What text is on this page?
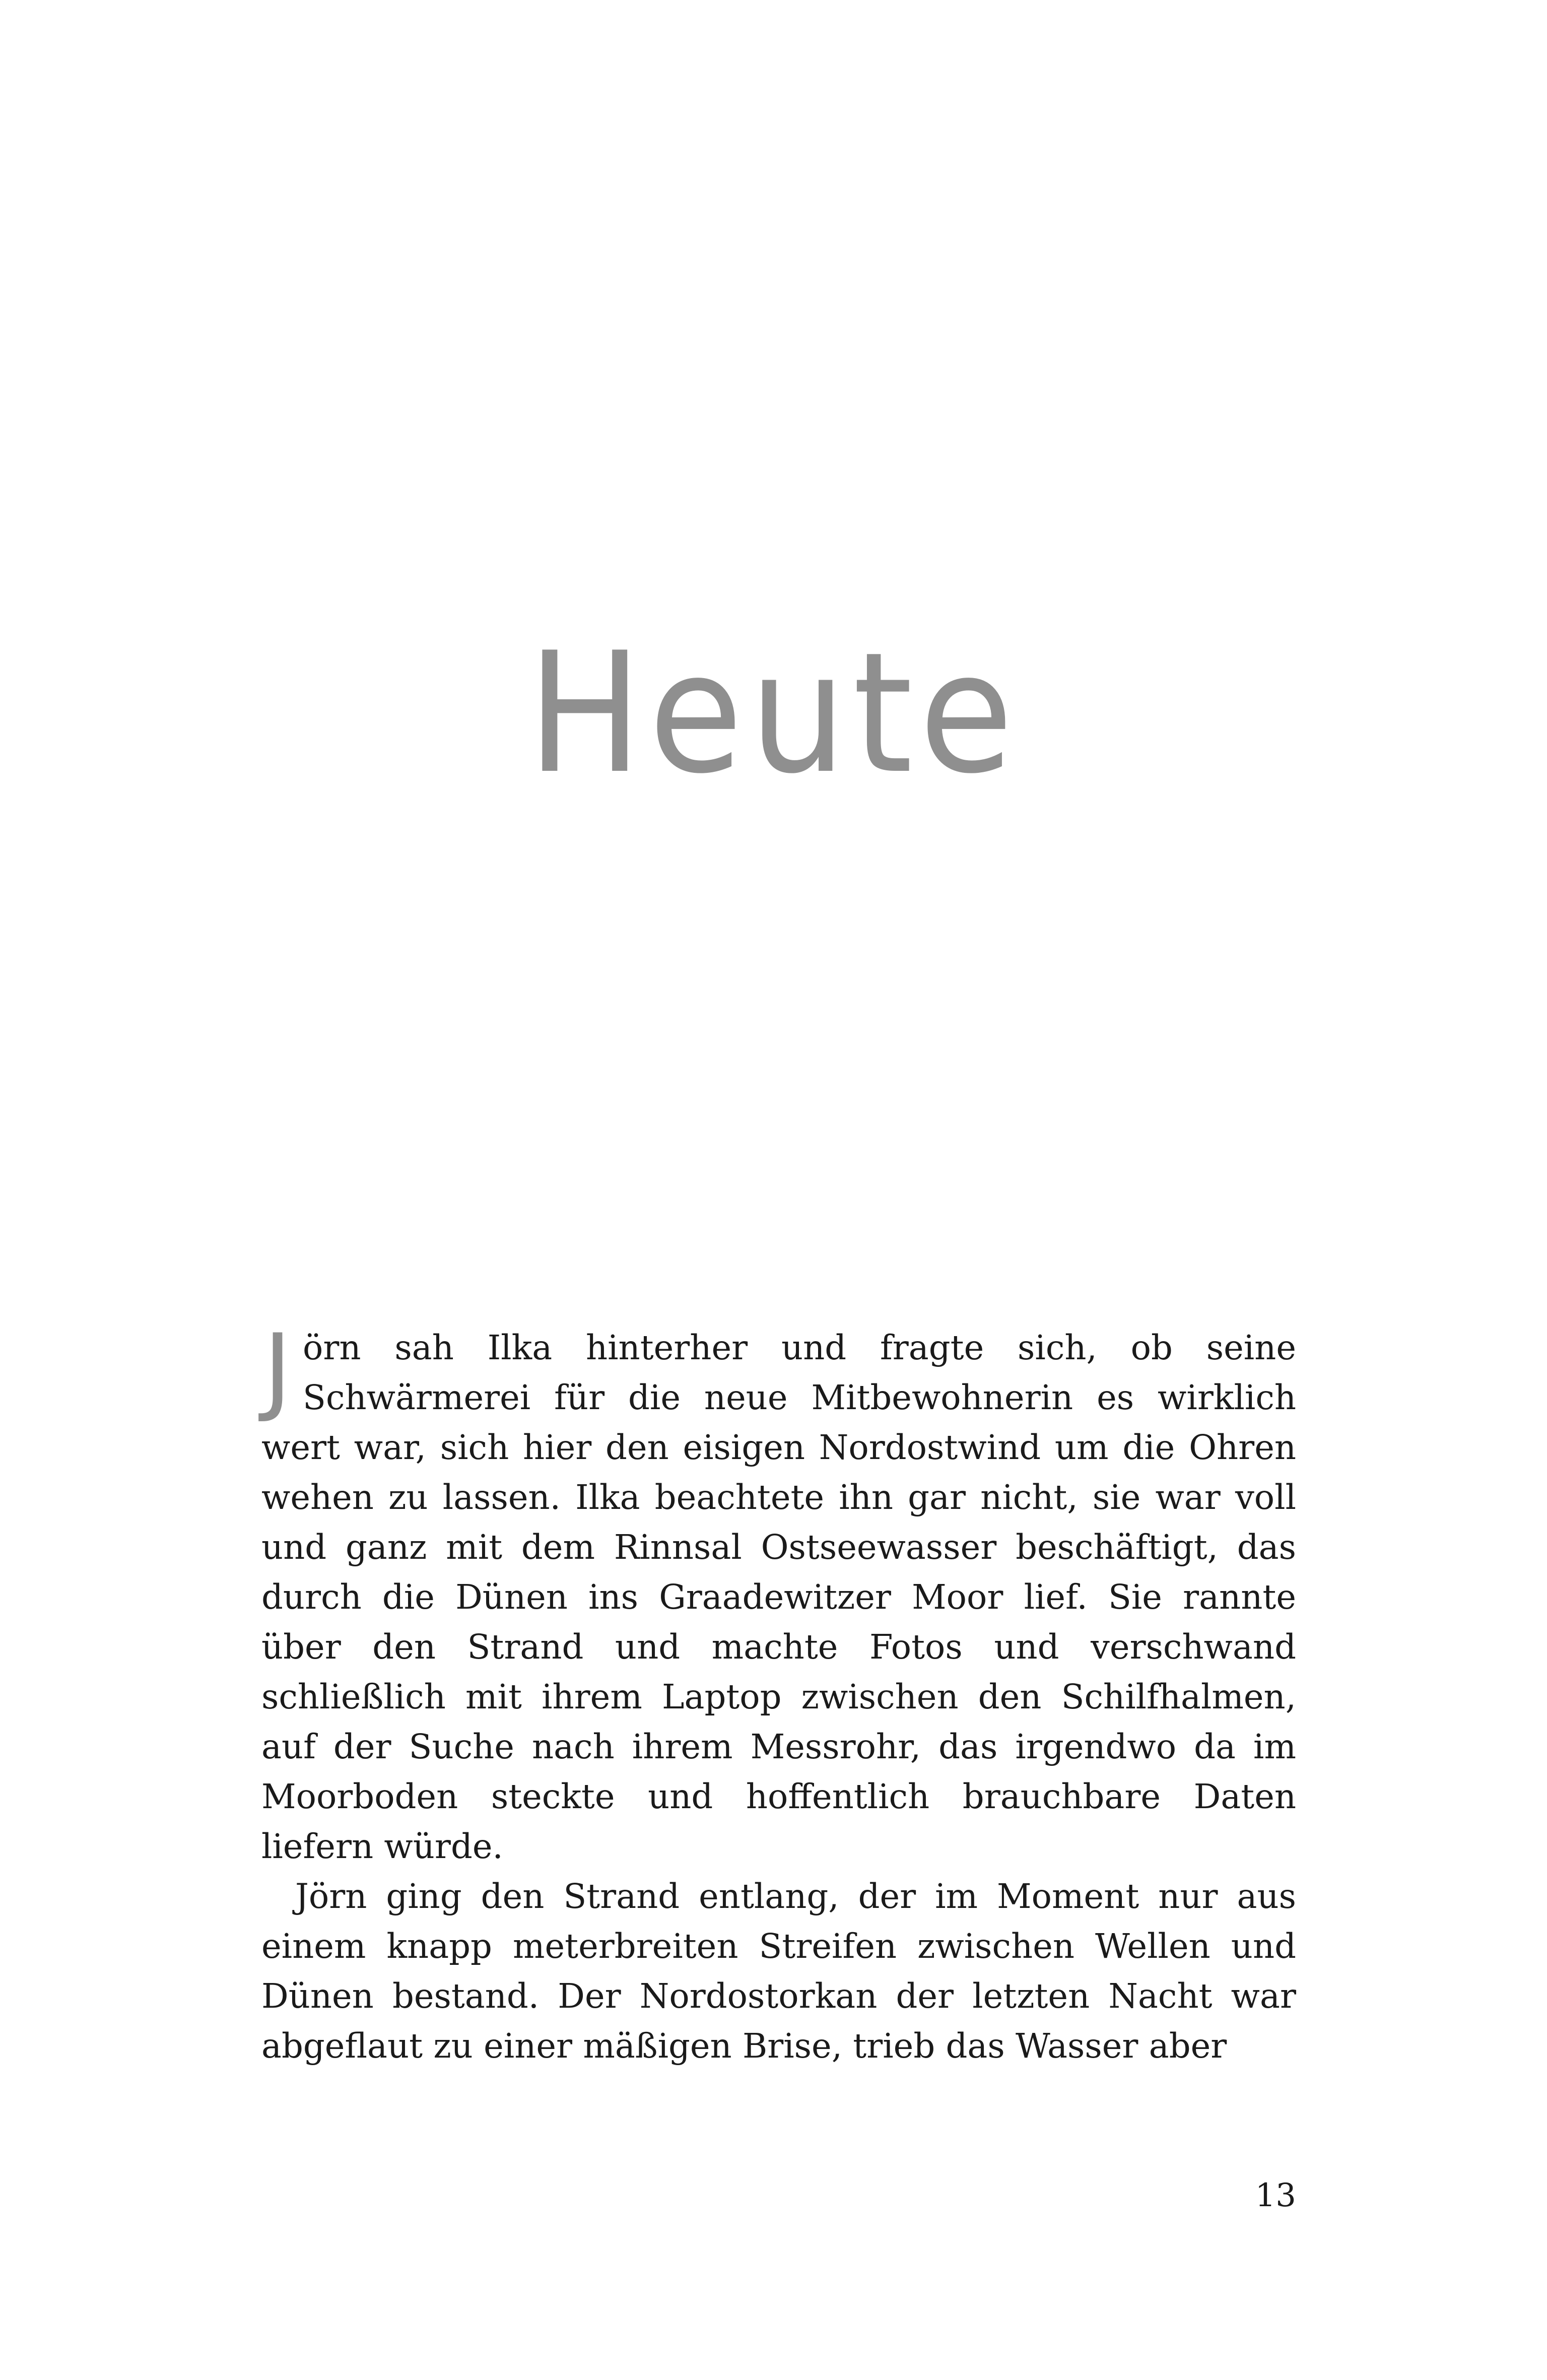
Heute

Jörn sah Ilka hinterher und fragte sich, ob seine Schwärmerei für die neue Mitbewohnerin es wirklich wert war, sich hier den eisigen Nordostwind um die Ohren wehen zu lassen. Ilka beachtete ihn gar nicht, sie war voll und ganz mit dem Rinnsal Ostseewasser beschäftigt, das durch die Dünen ins Graadewitzer Moor lief. Sie rannte über den Strand und machte Fotos und verschwand schließlich mit ihrem Laptop zwischen den Schilfhalmen, auf der Suche nach ihrem Messrohr, das irgendwo da im Moorboden steckte und hoffentlich brauchbare Daten liefern würde.

Jörn ging den Strand entlang, der im Moment nur aus einem knapp meterbreiten Streifen zwischen Wellen und Dünen bestand. Der Nordostorkan der letzten Nacht war abgeflaut zu einer mäßigen Brise, trieb das Wasser aber

13
